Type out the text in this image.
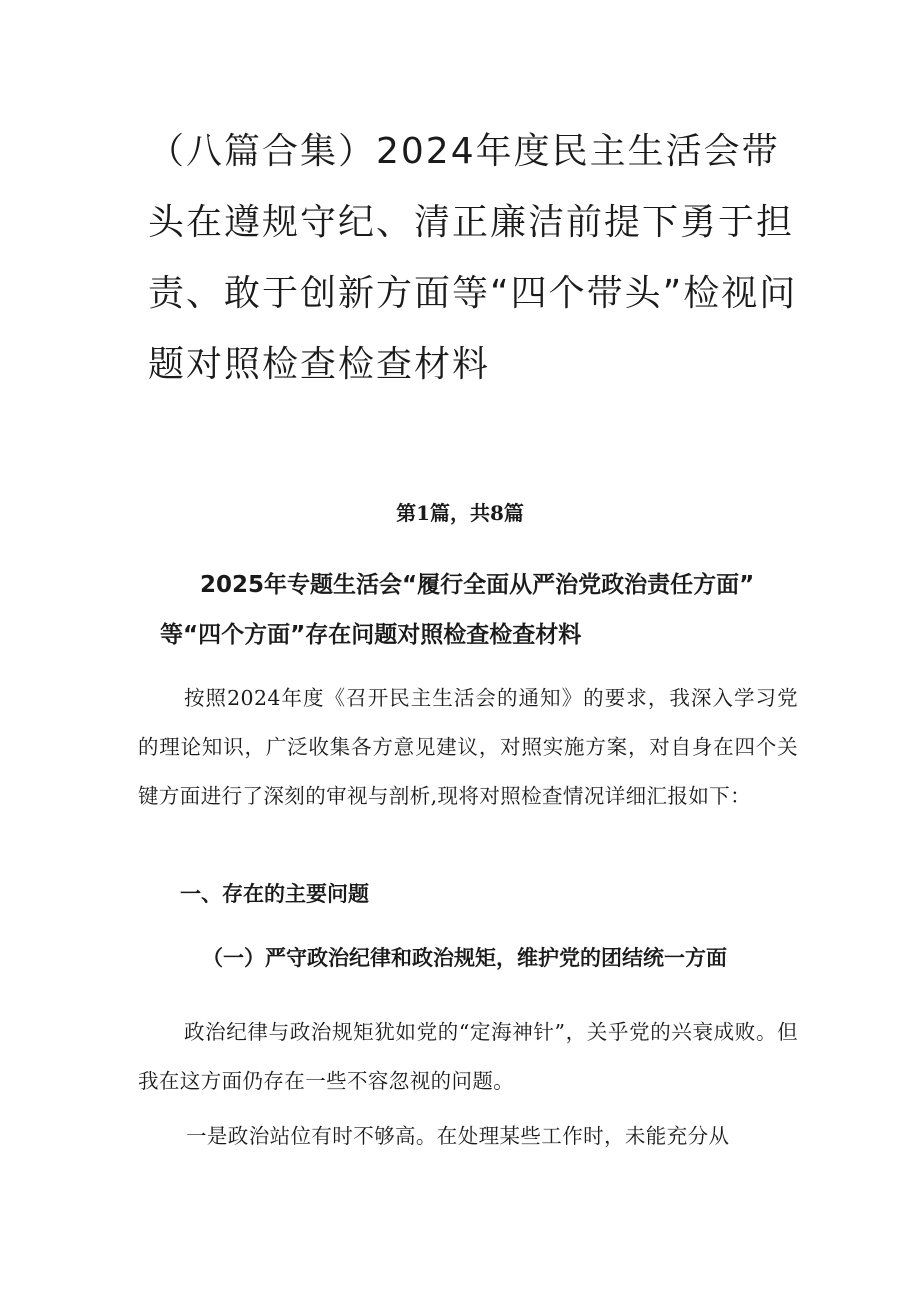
（八篇合集）2024年度民主生活会带头在遵规守纪、清正廉洁前提下勇于担责、敢于创新方面等“四个带头”检视问题对照检查检查材料

第1篇，共8篇

2025年专题生活会“履行全面从严治党政治责任方面”
等“四个方面”存在问题对照检查检查材料

按照2024年度《召开民主生活会的通知》的要求，我深入学习党的理论知识，广泛收集各方意见建议，对照实施方案，对自身在四个关键方面进行了深刻的审视与剖析,现将对照检查情况详细汇报如下：

一、存在的主要问题
（一）严守政治纪律和政治规矩，维护党的团结统一方面

政治纪律与政治规矩犹如党的“定海神针”，关乎党的兴衰成败。但我在这方面仍存在一些不容忽视的问题。

一是政治站位有时不够高。在处理某些工作时，未能充分从
